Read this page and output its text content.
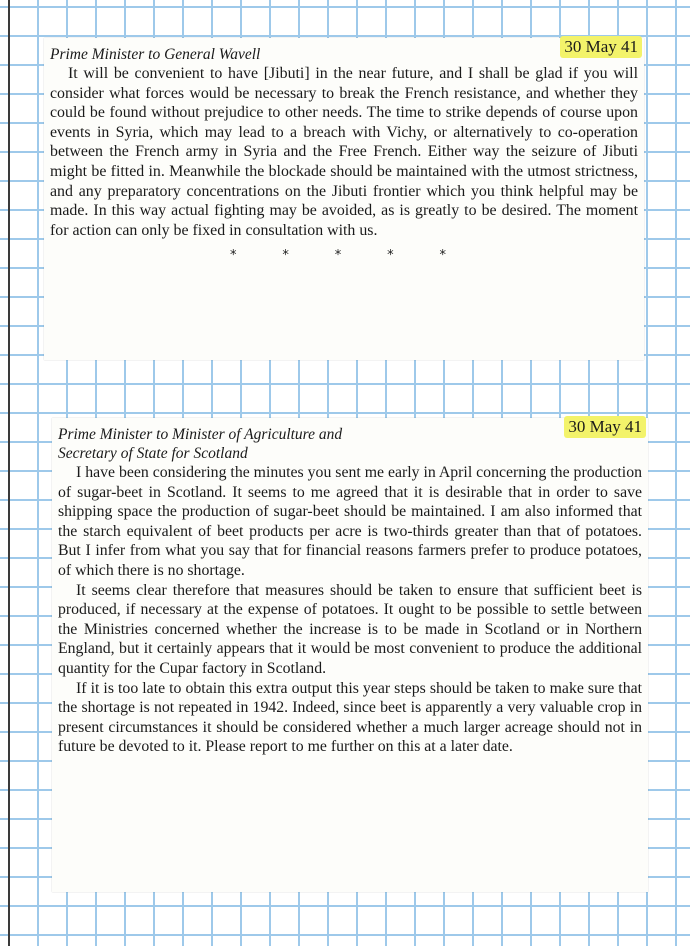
Prime Minister to General Wavell	30 May 41

It will be convenient to have [Jibuti] in the near future, and I shall be glad if you will consider what forces would be necessary to break the French resistance, and whether they could be found without prejudice to other needs. The time to strike depends of course upon events in Syria, which may lead to a breach with Vichy, or alternatively to co-operation between the French army in Syria and the Free French. Either way the seizure of Jibuti might be fitted in. Meanwhile the blockade should be maintained with the utmost strictness, and any preparatory concentrations on the Jibuti frontier which you think helpful may be made. In this way actual fighting may be avoided, as is greatly to be desired. The moment for action can only be fixed in consultation with us.

*	*	*	*	*
Prime Minister to Minister of Agriculture and
Secretary of State for Scotland
30 May 41

I have been considering the minutes you sent me early in April concerning the production of sugar-beet in Scotland. It seems to me agreed that it is desirable that in order to save shipping space the production of sugar-beet should be maintained. I am also informed that the starch equivalent of beet products per acre is two-thirds greater than that of potatoes. But I infer from what you say that for financial reasons farmers prefer to produce potatoes, of which there is no shortage.

It seems clear therefore that measures should be taken to ensure that sufficient beet is produced, if necessary at the expense of potatoes. It ought to be possible to settle between the Ministries concerned whether the increase is to be made in Scotland or in Northern England, but it certainly appears that it would be most convenient to produce the additional quantity for the Cupar factory in Scotland.

If it is too late to obtain this extra output this year steps should be taken to make sure that the shortage is not repeated in 1942. Indeed, since beet is apparently a very valuable crop in present circumstances it should be considered whether a much larger acreage should not in future be devoted to it. Please report to me further on this at a later date.
